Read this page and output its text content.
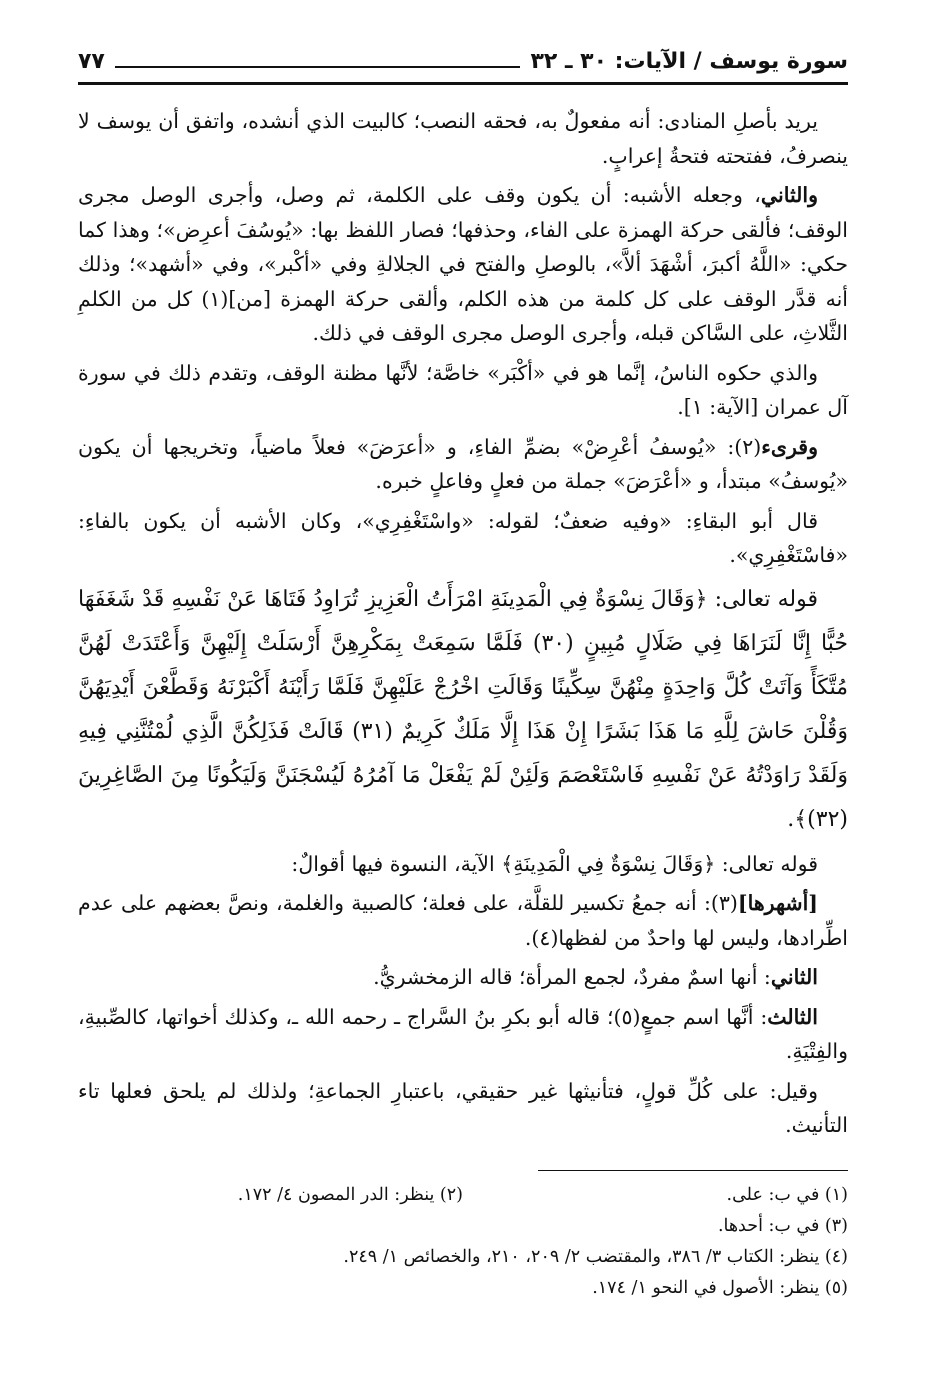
سورة يوسف / الآيات: ٣٠ ـ ٣٢
٧٧

يريد بأصلِ المنادى: أنه مفعولٌ به، فحقه النصب؛ كالبيت الذي أنشده، واتفق أن يوسف لا ينصرفُ، ففتحته فتحةُ إعرابٍ.

والثاني، وجعله الأشبه: أن يكون وقف على الكلمة، ثم وصل، وأجرى الوصل مجرى الوقف؛ فألقى حركة الهمزة على الفاء، وحذفها؛ فصار اللفظ بها: «يُوسُفَ أعرِض»؛ وهذا كما حكي: «اللَّهُ أكبرَ، أشْهَدَ ألاَّ»، بالوصلِ والفتح في الجلالةِ وفي «أكْبر»، وفي «أشهد»؛ وذلك أنه قدَّر الوقف على كل كلمة من هذه الكلم، وألقى حركة الهمزة [من](١) كل من الكلمِ الثَّلاثِ، على السَّاكن قبله، وأجرى الوصل مجرى الوقف في ذلك.

والذي حكوه الناسُ، إنَّما هو في «أكْبَر» خاصَّة؛ لأنَّها مظنة الوقف، وتقدم ذلك في سورة آل عمران [الآية: ١].

وقرىء(٢): «يُوسفُ أعْرِضْ» بضمِّ الفاءِ، و «أعرَضَ» فعلاً ماضياً، وتخريجها أن يكون «يُوسفُ» مبتدأ، و «أعْرَضَ» جملة من فعلٍ وفاعلٍ خبره.

قال أبو البقاءِ: «وفيه ضعفٌ؛ لقوله: «واسْتَغْفِرِي»، وكان الأشبه أن يكون بالفاءِ: «فاسْتَغْفِرِي».

قوله تعالى: ﴿وَقَالَ نِسْوَةٌ فِي الْمَدِينَةِ امْرَأَتُ الْعَزِيزِ تُرَاوِدُ فَتَاهَا عَنْ نَفْسِهِ قَدْ شَغَفَهَا حُبًّا إِنَّا لَنَرَاهَا فِي ضَلَالٍ مُبِينٍ (٣٠) فَلَمَّا سَمِعَتْ بِمَكْرِهِنَّ أَرْسَلَتْ إِلَيْهِنَّ وَأَعْتَدَتْ لَهُنَّ مُتَّكَأً وَآتَتْ كُلَّ وَاحِدَةٍ مِنْهُنَّ سِكِّينًا وَقَالَتِ اخْرُجْ عَلَيْهِنَّ فَلَمَّا رَأَيْنَهُ أَكْبَرْنَهُ وَقَطَّعْنَ أَيْدِيَهُنَّ وَقُلْنَ حَاشَ لِلَّهِ مَا هَذَا بَشَرًا إِنْ هَذَا إِلَّا مَلَكٌ كَرِيمٌ (٣١) قَالَتْ فَذَلِكُنَّ الَّذِي لُمْتُنَّنِي فِيهِ وَلَقَدْ رَاوَدْتُهُ عَنْ نَفْسِهِ فَاسْتَعْصَمَ وَلَئِنْ لَمْ يَفْعَلْ مَا آمُرُهُ لَيُسْجَنَنَّ وَلَيَكُونًا مِنَ الصَّاغِرِينَ (٣٢)﴾.

قوله تعالى: ﴿وَقَالَ نِسْوَةٌ فِي الْمَدِينَةِ﴾ الآية، النسوة فيها أقوالٌ:

[أشهرها](٣): أنه جمعُ تكسير للقلَّة، على فعلة؛ كالصبية والغلمة، ونصَّ بعضهم على عدم اطِّرادها، وليس لها واحدٌ من لفظها(٤).

الثاني: أنها اسمٌ مفردٌ، لجمع المرأة؛ قاله الزمخشريُّ.

الثالث: أنَّها اسم جمعٍ(٥)؛ قاله أبو بكرِ بنُ السَّراج ـ رحمه الله ـ، وكذلك أخواتها، كالصِّبيةِ، والفِتْيَةِ.

وقيل: على كُلِّ قولٍ، فتأنيثها غير حقيقي، باعتبارِ الجماعةِ؛ ولذلك لم يلحق فعلها تاء التأنيث.

(١) في ب: على.
(٢) ينظر: الدر المصون ٤/ ١٧٢.
(٣) في ب: أحدها.
(٤) ينظر: الكتاب ٣/ ٣٨٦، والمقتضب ٢/ ٢٠٩، ٢١٠، والخصائص ١/ ٢٤٩.
(٥) ينظر: الأصول في النحو ١/ ١٧٤.
